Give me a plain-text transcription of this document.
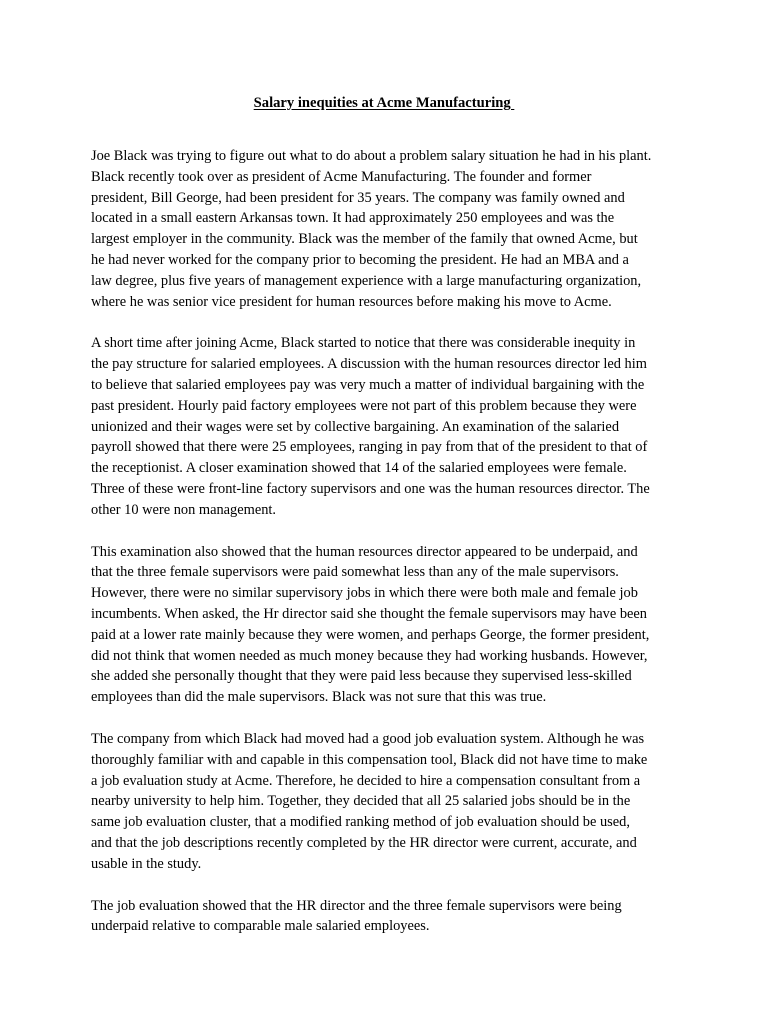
Salary inequities at Acme Manufacturing

Joe Black was trying to figure out what to do about a problem salary situation he had in his plant.
Black recently took over as president of Acme Manufacturing. The founder and former
president, Bill George, had been president for 35 years. The company was family owned and
located in a small eastern Arkansas town. It had approximately 250 employees and was the
largest employer in the community. Black was the member of the family that owned Acme, but
he had never worked for the company prior to becoming the president. He had an MBA and a
law degree, plus five years of management experience with a large manufacturing organization,
where he was senior vice president for human resources before making his move to Acme.

A short time after joining Acme, Black started to notice that there was considerable inequity in
the pay structure for salaried employees. A discussion with the human resources director led him
to believe that salaried employees pay was very much a matter of individual bargaining with the
past president. Hourly paid factory employees were not part of this problem because they were
unionized and their wages were set by collective bargaining. An examination of the salaried
payroll showed that there were 25 employees, ranging in pay from that of the president to that of
the receptionist. A closer examination showed that 14 of the salaried employees were female.
Three of these were front-line factory supervisors and one was the human resources director. The
other 10 were non management.

This examination also showed that the human resources director appeared to be underpaid, and
that the three female supervisors were paid somewhat less than any of the male supervisors.
However, there were no similar supervisory jobs in which there were both male and female job
incumbents. When asked, the Hr director said she thought the female supervisors may have been
paid at a lower rate mainly because they were women, and perhaps George, the former president,
did not think that women needed as much money because they had working husbands. However,
she added she personally thought that they were paid less because they supervised less-skilled
employees than did the male supervisors. Black was not sure that this was true.

The company from which Black had moved had a good job evaluation system. Although he was
thoroughly familiar with and capable in this compensation tool, Black did not have time to make
a job evaluation study at Acme. Therefore, he decided to hire a compensation consultant from a
nearby university to help him. Together, they decided that all 25 salaried jobs should be in the
same job evaluation cluster, that a modified ranking method of job evaluation should be used,
and that the job descriptions recently completed by the HR director were current, accurate, and
usable in the study.

The job evaluation showed that the HR director and the three female supervisors were being
underpaid relative to comparable male salaried employees.
